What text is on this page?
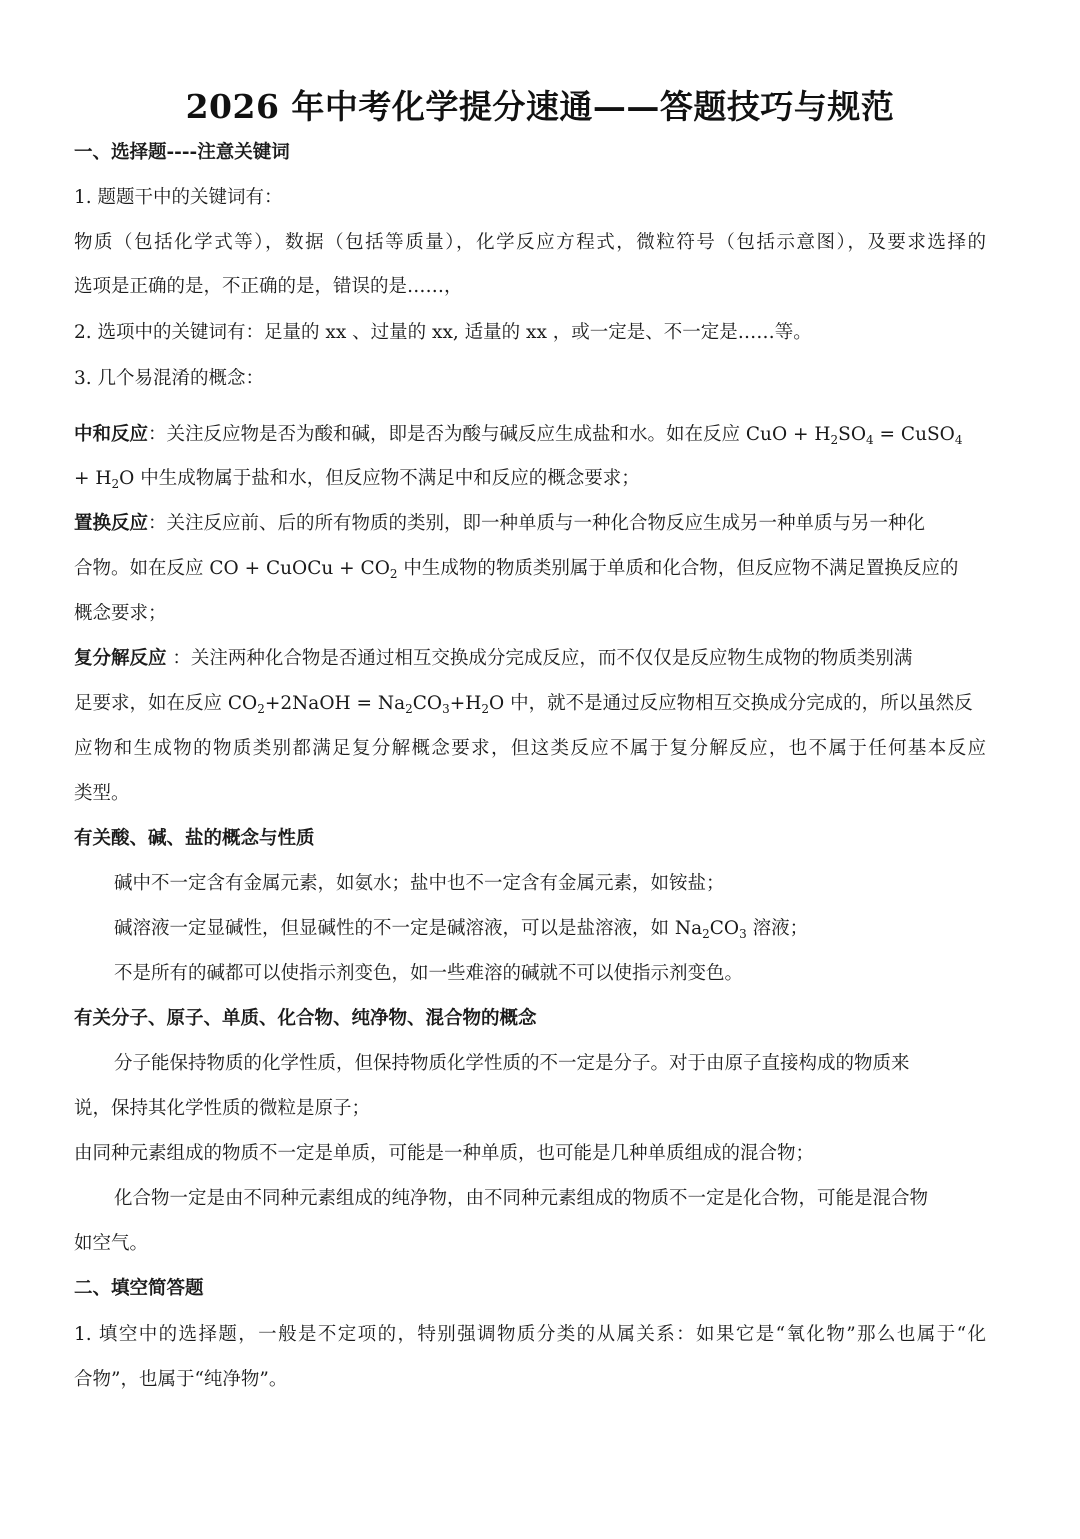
2026 年中考化学提分速通——答题技巧与规范
一、选择题----注意关键词
1. 题题干中的关键词有：
物质（包括化学式等），数据（包括等质量），化学反应方程式，微粒符号（包括示意图），及要求选择的
选项是正确的是，不正确的是，错误的是……，
2. 选项中的关键词有：足量的 xx 、过量的 xx, 适量的 xx ，或一定是、不一定是……等。
3. 几个易混淆的概念：
中和反应：关注反应物是否为酸和碱，即是否为酸与碱反应生成盐和水。如在反应 CuO + $H_2SO_4$ = CuSO$_4$
+ $H_2O$ 中生成物属于盐和水，但反应物不满足中和反应的概念要求；
置换反应：关注反应前、后的所有物质的类别，即一种单质与一种化合物反应生成另一种单质与另一种化
合物。如在反应 CO + CuOCu + $CO_2$ 中生成物的物质类别属于单质和化合物，但反应物不满足置换反应的
概念要求；
复分解反应 ：关注两种化合物是否通过相互交换成分完成反应，而不仅仅是反应物生成物的物质类别满
足要求，如在反应 $CO_2+2NaOH = Na_2CO_3+H_2O$ 中，就不是通过反应物相互交换成分完成的，所以虽然反
应物和生成物的物质类别都满足复分解概念要求，但这类反应不属于复分解反应，也不属于任何基本反应
类型。
有关酸、碱、盐的概念与性质
碱中不一定含有金属元素，如氨水；盐中也不一定含有金属元素，如铵盐；
碱溶液一定显碱性，但显碱性的不一定是碱溶液，可以是盐溶液，如 $Na_2CO_3$ 溶液；
不是所有的碱都可以使指示剂变色，如一些难溶的碱就不可以使指示剂变色。
有关分子、原子、单质、化合物、纯净物、混合物的概念
分子能保持物质的化学性质，但保持物质化学性质的不一定是分子。对于由原子直接构成的物质来
说，保持其化学性质的微粒是原子；
由同种元素组成的物质不一定是单质，可能是一种单质，也可能是几种单质组成的混合物；
化合物一定是由不同种元素组成的纯净物，由不同种元素组成的物质不一定是化合物，可能是混合物
如空气。
二、填空简答题
1. 填空中的选择题，一般是不定项的，特别强调物质分类的从属关系：如果它是“氧化物”那么也属于“化
合物”，也属于“纯净物”。
